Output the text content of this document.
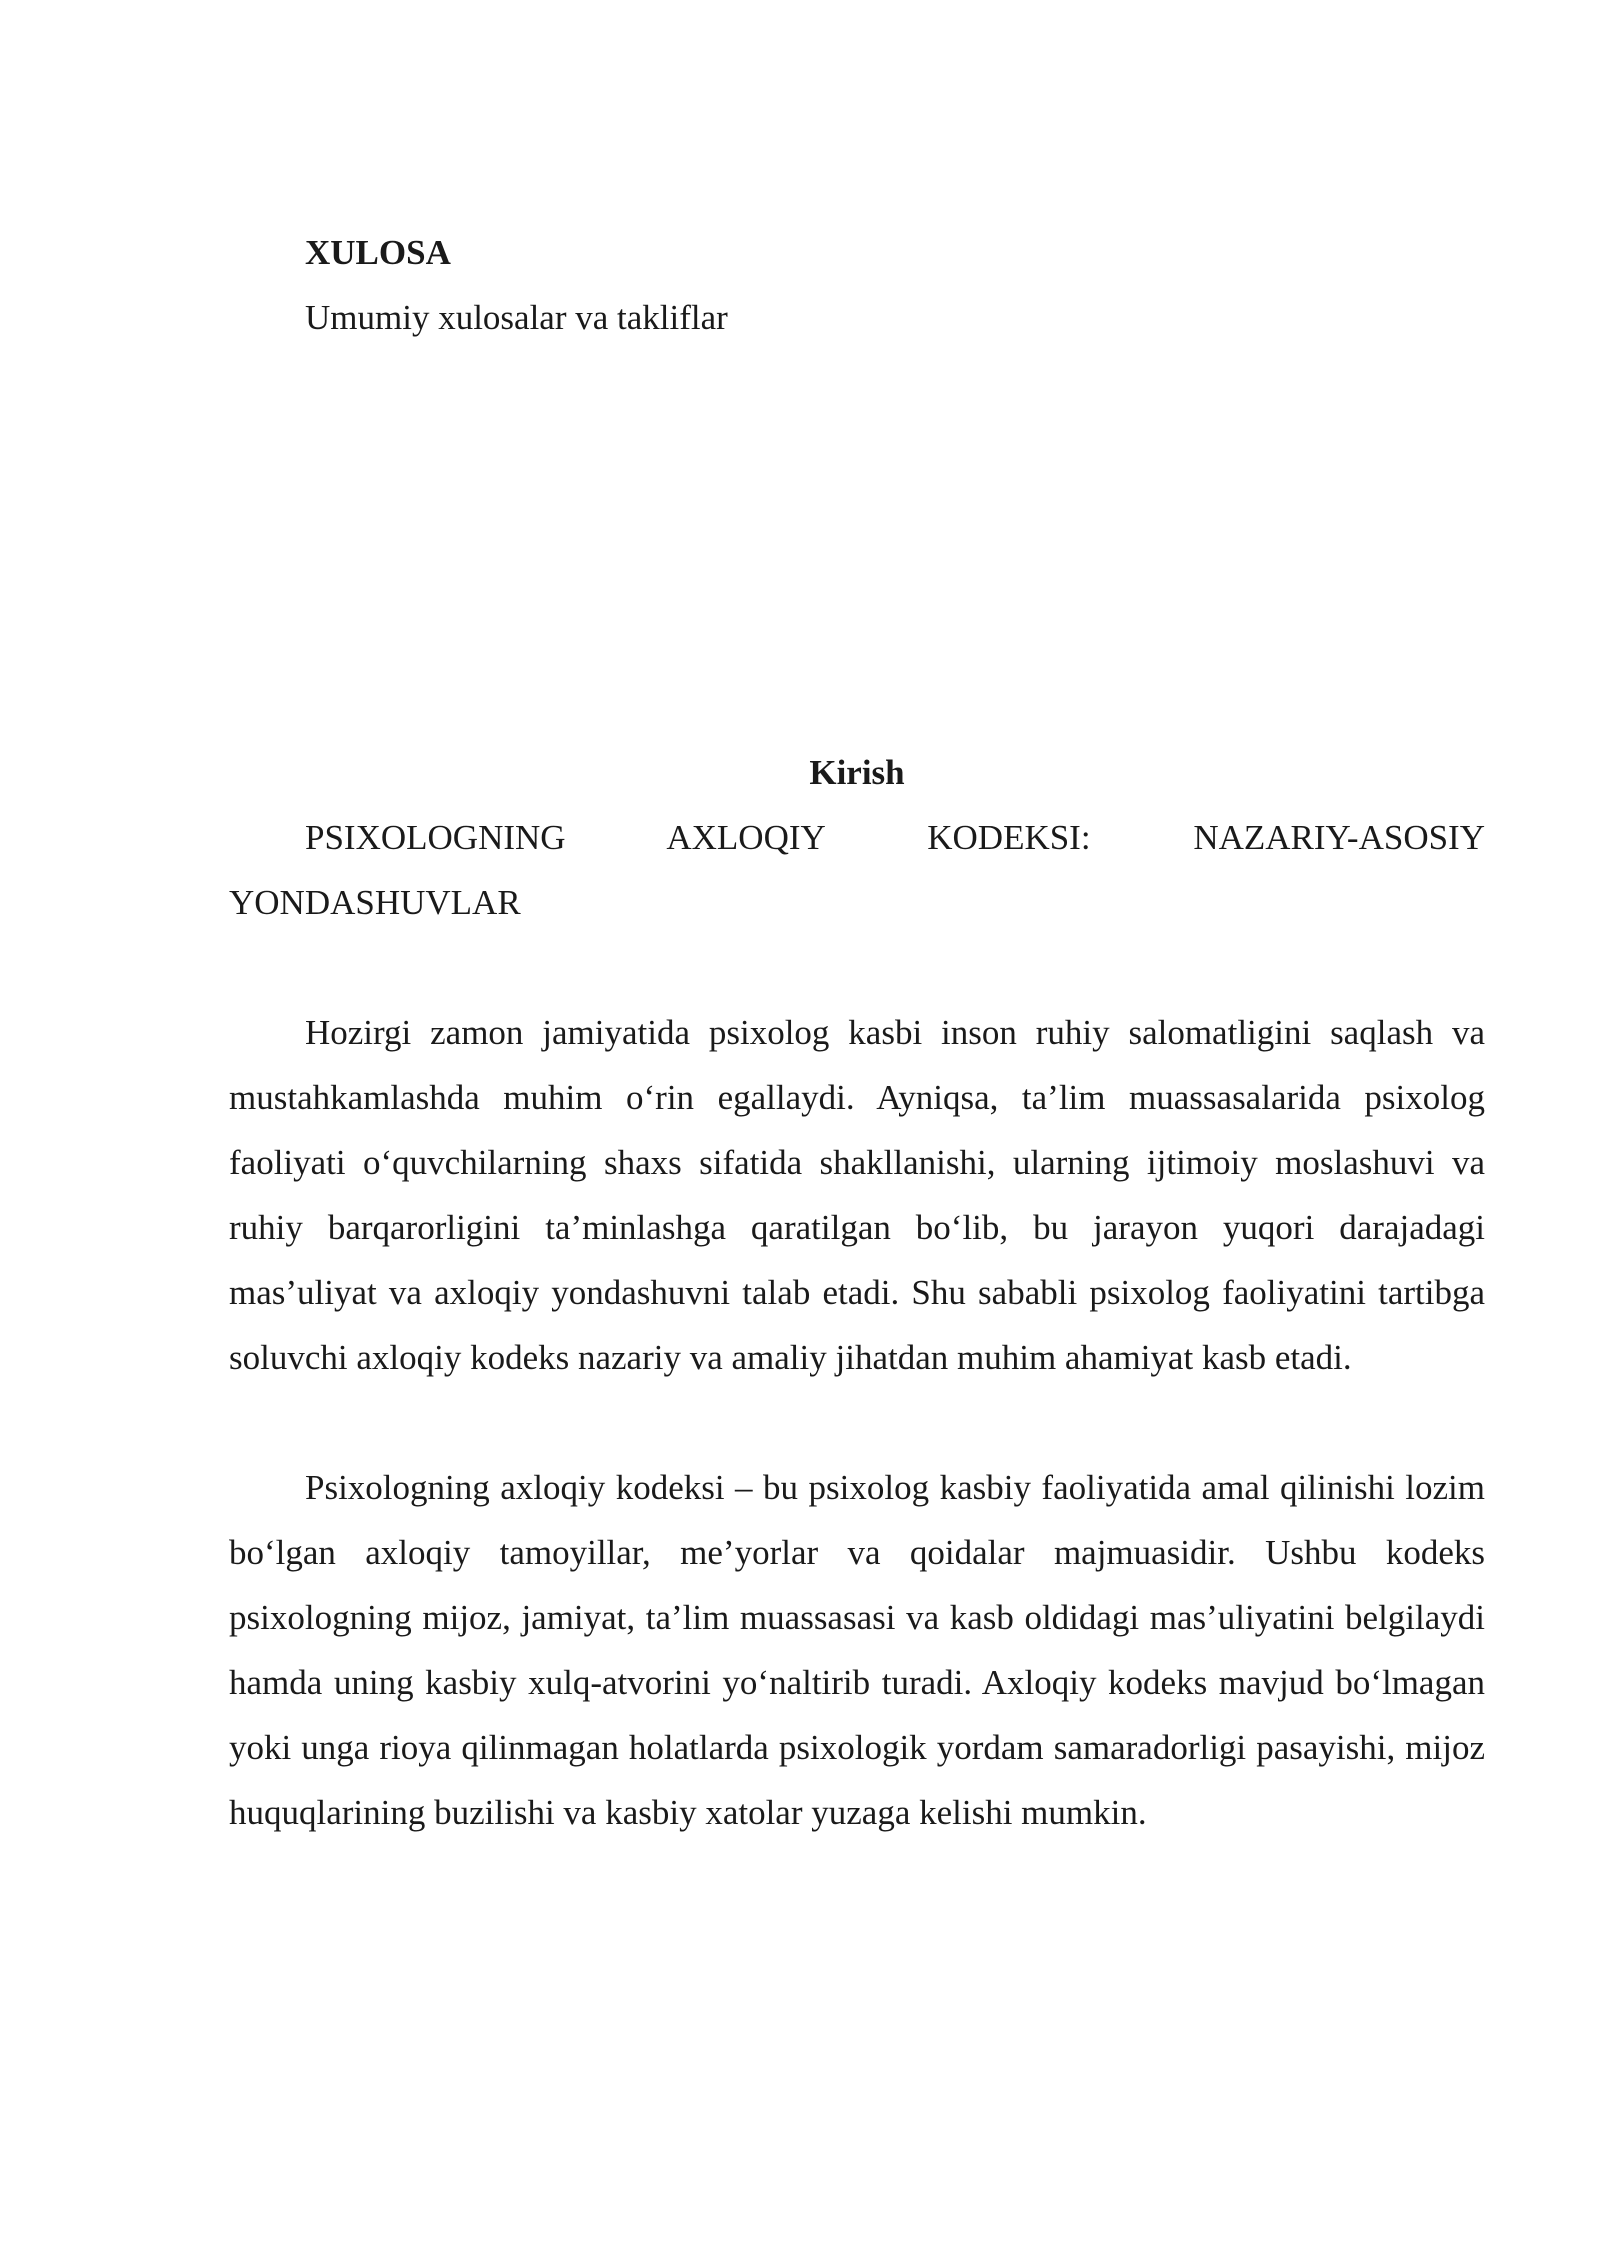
XULOSA

Umumiy xulosalar va takliflar

Kirish

PSIXOLOGNING AXLOQIY KODEKSI: NAZARIY-ASOSIY YONDASHUVLAR

Hozirgi zamon jamiyatida psixolog kasbi inson ruhiy salomatligini saqlash va mustahkamlashda muhim o‘rin egallaydi. Ayniqsa, ta’lim muassasalarida psixolog faoliyati o‘quvchilarning shaxs sifatida shakllanishi, ularning ijtimoiy moslashuvi va ruhiy barqarorligini ta’minlashga qaratilgan bo‘lib, bu jarayon yuqori darajadagi mas’uliyat va axloqiy yondashuvni talab etadi. Shu sababli psixolog faoliyatini tartibga soluvchi axloqiy kodeks nazariy va amaliy jihatdan muhim ahamiyat kasb etadi.

Psixologning axloqiy kodeksi – bu psixolog kasbiy faoliyatida amal qilinishi lozim bo‘lgan axloqiy tamoyillar, me’yorlar va qoidalar majmuasidir. Ushbu kodeks psixologning mijoz, jamiyat, ta’lim muassasasi va kasb oldidagi mas’uliyatini belgilaydi hamda uning kasbiy xulq-atvorini yo‘naltirib turadi. Axloqiy kodeks mavjud bo‘lmagan yoki unga rioya qilinmagan holatlarda psixologik yordam samaradorligi pasayishi, mijoz huquqlarining buzilishi va kasbiy xatolar yuzaga kelishi mumkin.
